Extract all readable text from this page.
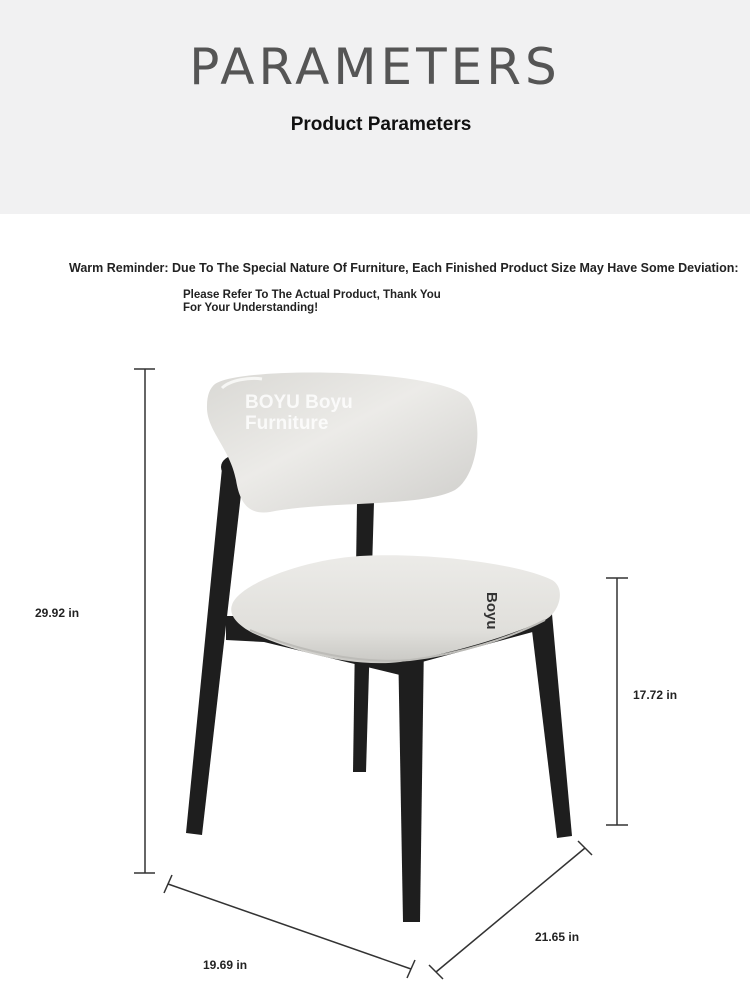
PARAMETERS
Product Parameters
Warm Reminder: Due To The Special Nature Of Furniture, Each Finished Product Size May Have Some Deviation:
Please Refer To The Actual Product, Thank You
For Your Understanding!
BOYU Boyu
Furniture
Boyu
29.92 in
17.72 in
19.69 in
21.65 in
